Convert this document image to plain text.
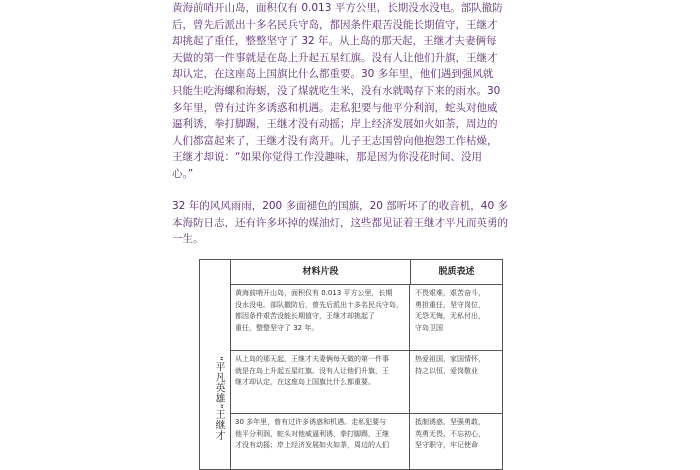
黄海前哨开山岛，面积仅有 0.013 平方公里，长期没水没电。部队撤防
后，曾先后派出十多名民兵守岛，都因条件艰苦没能长期值守，王继才
却挑起了重任，整整坚守了 32 年。从上岛的那天起，王继才夫妻俩每
天做的第一件事就是在岛上升起五星红旗。没有人让他们升旗，王继才
却认定，在这座岛上国旗比什么都重要。30 多年里，他们遇到强风就
只能生吃海螺和海蛎，没了煤就吃生米，没有水就喝存下来的雨水。30
多年里，曾有过许多诱惑和机遇。走私犯要与他平分利润，蛇头对他威
逼利诱，拳打脚踢，王继才没有动摇；岸上经济发展如火如荼，周边的
人们都富起来了，王继才没有离开。儿子王志国曾向他抱怨工作枯燥，
王继才却说：“如果你觉得工作没趣味，那是因为你没花时间、没用
心。”
32 年的风风雨雨，200 多面褪色的国旗，20 部听坏了的收音机，40 多
本海防日志，还有许多坏掉的煤油灯，这些都见证着王继才平凡而英勇的
一生。
“平凡英雄”王继才
材料片段	脱质表述
黄海前哨开山岛，面积仅有 0.013 平方公里，长期
没水没电。部队撤防后，曾先后派出十多名民兵守岛，
都因条件艰苦没能长期值守，王继才却挑起了
重任，整整坚守了 32 年。
不畏艰难，艰苦奋斗，
勇担重任，坚守岗位，
无怨无悔，无私付出，
守岛卫国
从上岛的那天起，王继才夫妻俩每天做的第一件事
就是在岛上升起五星红旗。没有人让他们升旗，王
继才却认定，在这座岛上国旗比什么都重要。
热爱祖国，家国情怀，
持之以恒，爱岗敬业
30 多年里，曾有过许多诱惑和机遇。走私犯要与
他平分利润，蛇头对他威逼利诱，拳打脚踢，王继
才没有动摇；岸上经济发展如火如荼，周边的人们
抵制诱惑，坚强勇敢，
英勇无畏，不忘初心，
坚守职守，牢记使命
